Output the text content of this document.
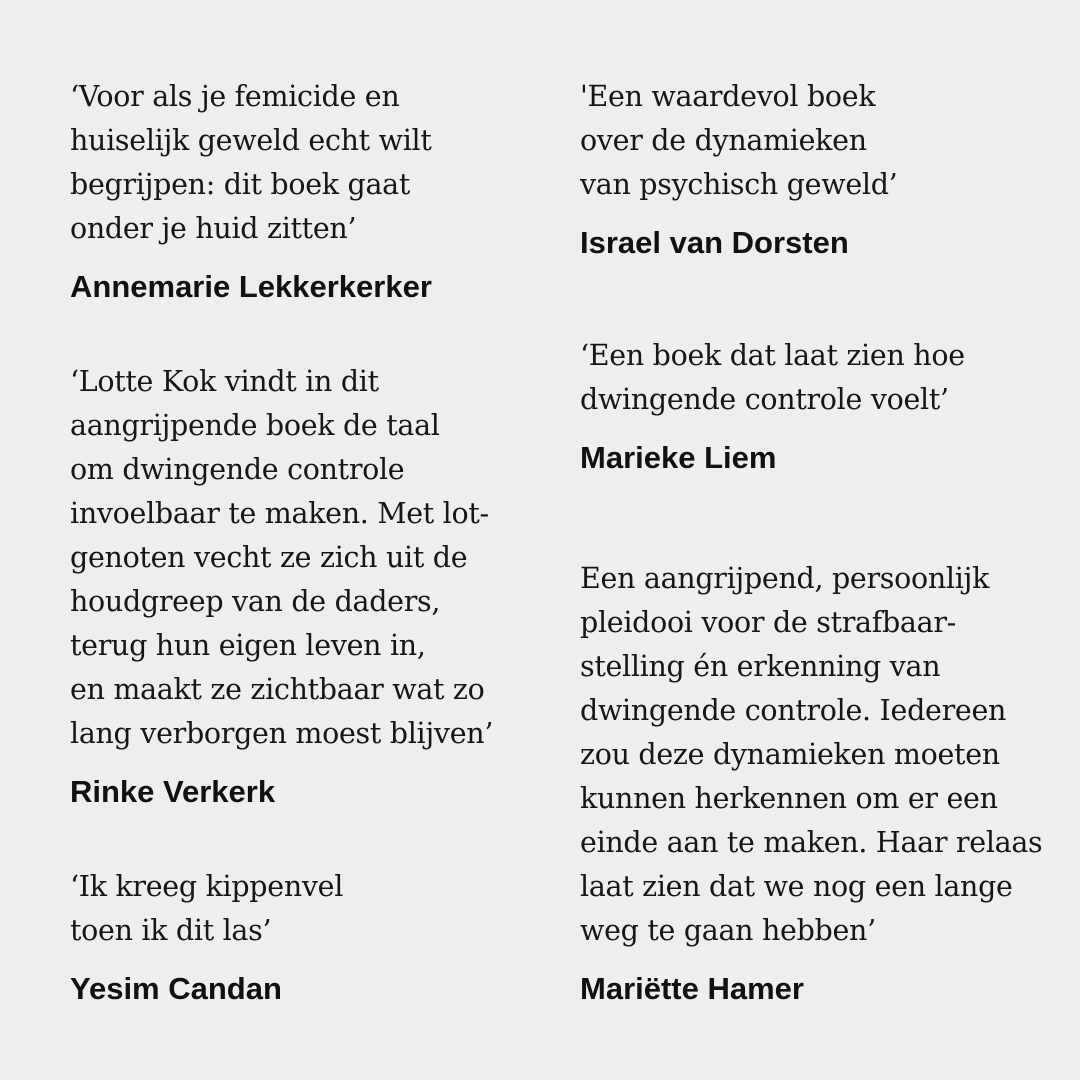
‘Voor als je femicide en
huiselijk geweld echt wilt
begrijpen: dit boek gaat
onder je huid zitten’
Annemarie Lekkerkerker
‘Lotte Kok vindt in dit
aangrijpende boek de taal
om dwingende controle
invoelbaar te maken. Met lot-
genoten vecht ze zich uit de
houdgreep van de daders,
terug hun eigen leven in,
en maakt ze zichtbaar wat zo
lang verborgen moest blijven’
Rinke Verkerk
‘Ik kreeg kippenvel
toen ik dit las’
Yesim Candan
'Een waardevol boek
over de dynamieken
van psychisch geweld’
Israel van Dorsten
‘Een boek dat laat zien hoe
dwingende controle voelt’
Marieke Liem
Een aangrijpend, persoonlijk
pleidooi voor de strafbaar-
stelling én erkenning van
dwingende controle. Iedereen
zou deze dynamieken moeten
kunnen herkennen om er een
einde aan te maken. Haar relaas
laat zien dat we nog een lange
weg te gaan hebben’
Mariëtte Hamer
